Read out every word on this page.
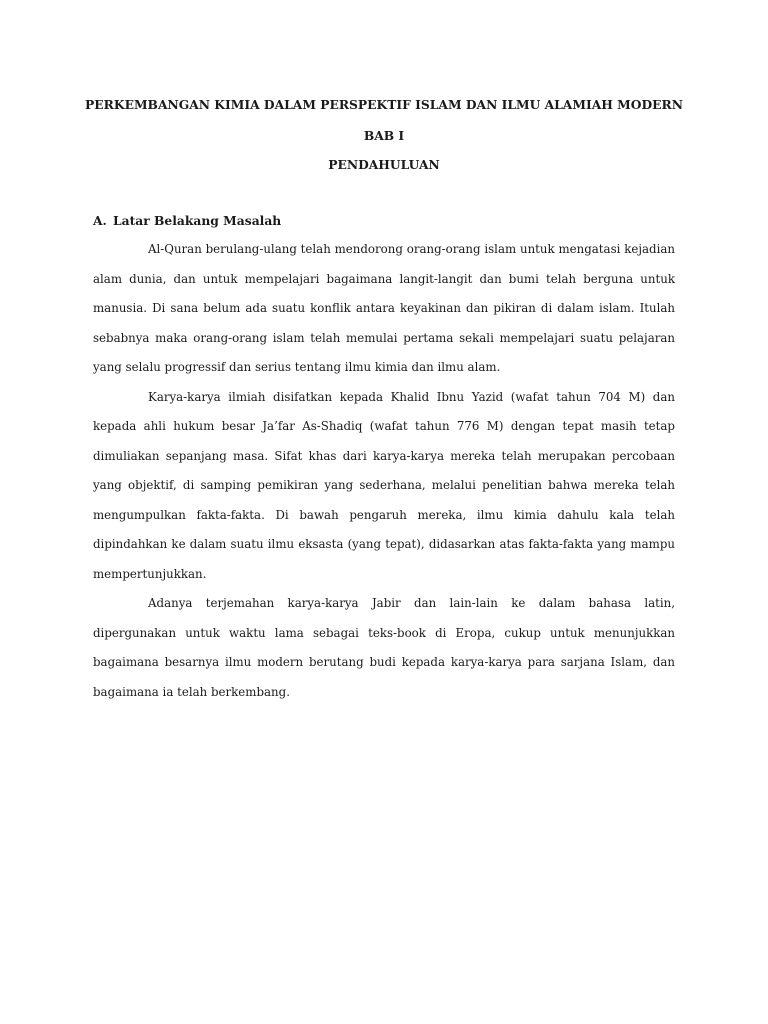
PERKEMBANGAN KIMIA DALAM PERSPEKTIF ISLAM DAN ILMU ALAMIAH MODERN
BAB I
PENDAHULUAN
A. Latar Belakang Masalah

Al-Quran berulang-ulang telah mendorong orang-orang islam untuk mengatasi kejadian alam dunia, dan untuk mempelajari bagaimana langit-langit dan bumi telah berguna untuk manusia. Di sana belum ada suatu konflik antara keyakinan dan pikiran di dalam islam. Itulah sebabnya maka orang-orang islam telah memulai pertama sekali mempelajari suatu pelajaran yang selalu progressif dan serius tentang ilmu kimia dan ilmu alam.

Karya-karya ilmiah disifatkan kepada Khalid Ibnu Yazid (wafat tahun 704 M) dan kepada ahli hukum besar Ja’far As-Shadiq (wafat tahun 776 M) dengan tepat masih tetap dimuliakan sepanjang masa. Sifat khas dari karya-karya mereka telah merupakan percobaan yang objektif, di samping pemikiran yang sederhana, melalui penelitian bahwa mereka telah mengumpulkan fakta-fakta. Di bawah pengaruh mereka, ilmu kimia dahulu kala telah dipindahkan ke dalam suatu ilmu eksasta (yang tepat), didasarkan atas fakta-fakta yang mampu mempertunjukkan.

Adanya terjemahan karya-karya Jabir dan lain-lain ke dalam bahasa latin, dipergunakan untuk waktu lama sebagai teks-book di Eropa, cukup untuk menunjukkan bagaimana besarnya ilmu modern berutang budi kepada karya-karya para sarjana Islam, dan bagaimana ia telah berkembang.
